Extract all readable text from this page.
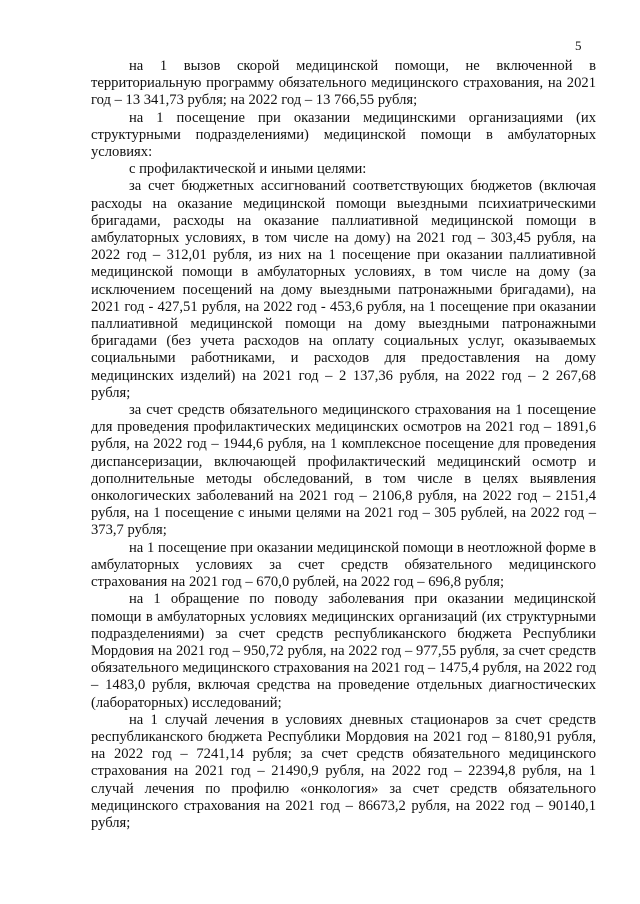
5

на 1 вызов скорой медицинской помощи, не включенной в территориальную программу обязательного медицинского страхования, на 2021 год – 13 341,73 рубля; на 2022 год – 13 766,55 рубля;

на 1 посещение при оказании медицинскими организациями (их структурными подразделениями) медицинской помощи в амбулаторных условиях:

с профилактической и иными целями:

за счет бюджетных ассигнований соответствующих бюджетов (включая расходы на оказание медицинской помощи выездными психиатрическими бригадами, расходы на оказание паллиативной медицинской помощи в амбулаторных условиях, в том числе на дому) на 2021 год – 303,45 рубля, на 2022 год – 312,01 рубля, из них на 1 посещение при оказании паллиативной медицинской помощи в амбулаторных условиях, в том числе на дому (за исключением посещений на дому выездными патронажными бригадами), на 2021 год - 427,51 рубля, на 2022 год - 453,6 рубля, на 1 посещение при оказании паллиативной медицинской помощи на дому выездными патронажными бригадами (без учета расходов на оплату социальных услуг, оказываемых социальными работниками, и расходов для предоставления на дому медицинских изделий) на 2021 год – 2 137,36 рубля, на 2022 год – 2 267,68 рубля;

за счет средств обязательного медицинского страхования на 1 посещение для проведения профилактических медицинских осмотров на 2021 год – 1891,6 рубля, на 2022 год – 1944,6 рубля, на 1 комплексное посещение для проведения диспансеризации, включающей профилактический медицинский осмотр и дополнительные методы обследований, в том числе в целях выявления онкологических заболеваний на 2021 год – 2106,8 рубля, на 2022 год – 2151,4 рубля, на 1 посещение с иными целями на 2021 год – 305 рублей, на 2022 год – 373,7 рубля;

на 1 посещение при оказании медицинской помощи в неотложной форме в амбулаторных условиях за счет средств обязательного медицинского страхования на 2021 год – 670,0 рублей, на 2022 год – 696,8 рубля;

на 1 обращение по поводу заболевания при оказании медицинской помощи в амбулаторных условиях медицинских организаций (их структурными подразделениями) за счет средств республиканского бюджета Республики Мордовия на 2021 год – 950,72 рубля, на 2022 год – 977,55 рубля, за счет средств обязательного медицинского страхования на 2021 год – 1475,4 рубля, на 2022 год – 1483,0 рубля, включая средства на проведение отдельных диагностических (лабораторных) исследований;

на 1 случай лечения в условиях дневных стационаров за счет средств республиканского бюджета Республики Мордовия на 2021 год – 8180,91 рубля, на 2022 год – 7241,14 рубля; за счет средств обязательного медицинского страхования на 2021 год – 21490,9 рубля, на 2022 год – 22394,8 рубля, на 1 случай лечения по профилю «онкология» за счет средств обязательного медицинского страхования на 2021 год – 86673,2 рубля, на 2022 год – 90140,1 рубля;
